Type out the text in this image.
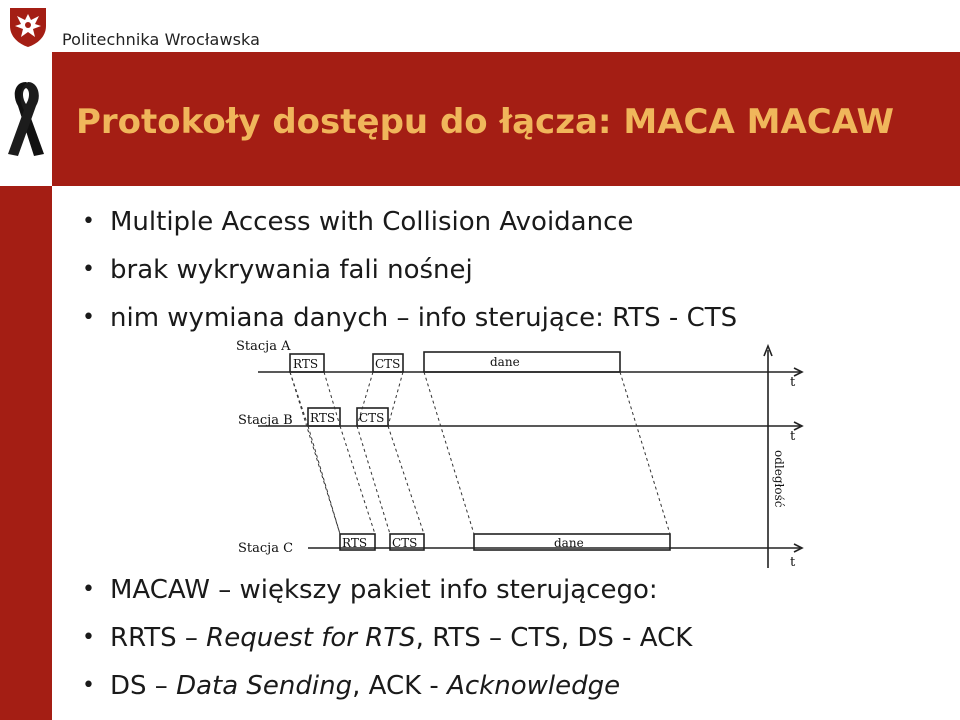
Politechnika Wrocławska
Protokoły dostępu do łącza: MACA MACAW
• Multiple Access with Collision Avoidance
• brak wykrywania fali nośnej
• nim wymiana danych – info sterujące: RTS - CTS
Stacja A
Stacja B
Stacja C
RTS	CTS	dane
RTS CTS
RTS CTS	dane
t
t
t
odległość
• MACAW – większy pakiet info sterującego:
• RRTS – Request for RTS, RTS – CTS, DS - ACK
• DS – Data Sending, ACK - Acknowledge
